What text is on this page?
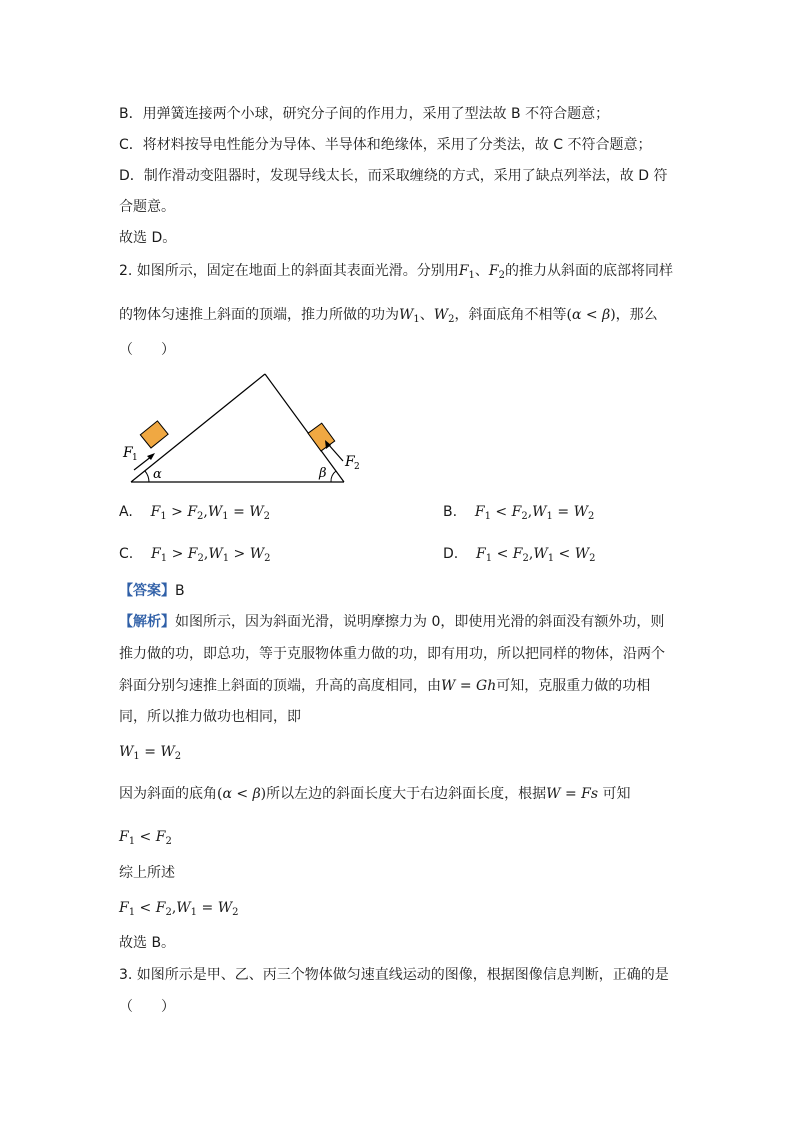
B．用弹簧连接两个小球，研究分子间的作用力，采用了型法故 B 不符合题意；
C．将材料按导电性能分为导体、半导体和绝缘体，采用了分类法，故 C 不符合题意；
D．制作滑动变阻器时，发现导线太长，而采取缠绕的方式，采用了缺点列举法，故 D 符
合题意。
故选 D。
2. 如图所示，固定在地面上的斜面其表面光滑。分别用$F_1$、$F_2$的推力从斜面的底部将同样
的物体匀速推上斜面的顶端，推力所做的功为$W_1$、$W_2$，斜面底角不相等(α < β)，那么
（　　）
F 1
α	β
F 2
A. $F_1 > F_2,W_1 = W_2$	B. $F_1 < F_2,W_1 = W_2$
C. $F_1 > F_2,W_1 > W_2$	D. $F_1 < F_2,W_1 < W_2$
【答案】B
【解析】如图所示，因为斜面光滑，说明摩擦力为 0，即使用光滑的斜面没有额外功，则
推力做的功，即总功，等于克服物体重力做的功，即有用功，所以把同样的物体，沿两个
斜面分别匀速推上斜面的顶端，升高的高度相同，由W = Gh可知，克服重力做的功相
同，所以推力做功也相同，即
$W_1 = W_2$
因为斜面的底角(α < β)所以左边的斜面长度大于右边斜面长度，根据W = Fs 可知
$F_1 < F_2$
综上所述
$F_1 < F_2,W_1 = W_2$
故选 B。
3. 如图所示是甲、乙、丙三个物体做匀速直线运动的图像，根据图像信息判断，正确的是
（　　）
